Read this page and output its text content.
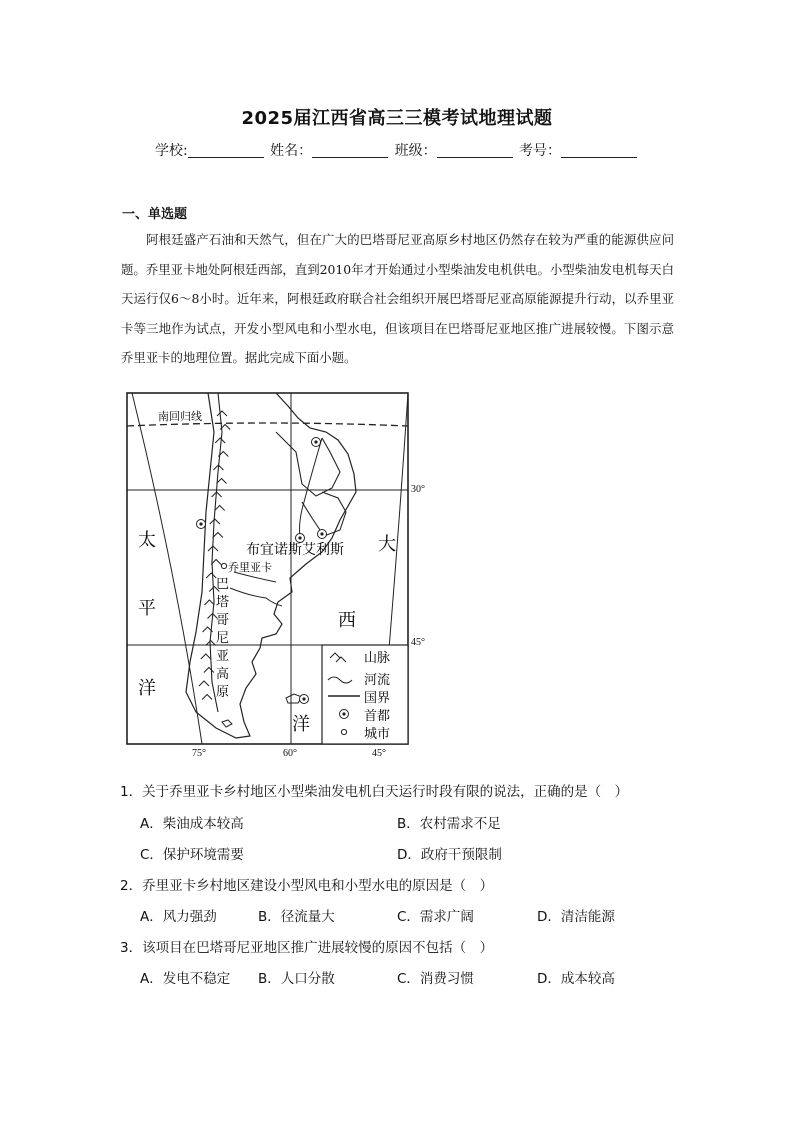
2025届江西省高三三模考试地理试题
学校:	姓名：	班级：	考号：
一、单选题
阿根廷盛产石油和天然气，但在广大的巴塔哥尼亚高原乡村地区仍然存在较为严重的能源供应问题。乔里亚卡地处阿根廷西部，直到2010年才开始通过小型柴油发电机供电。小型柴油发电机每天白天运行仅6～8小时。近年来，阿根廷政府联合社会组织开展巴塔哥尼亚高原能源提升行动，以乔里亚卡等三地作为试点，开发小型风电和小型水电，但该项目在巴塔哥尼亚地区推广进展较慢。下图示意乔里亚卡的地理位置。据此完成下面小题。
南回归线
布宜诺斯艾利斯
乔里亚卡
太
平
洋
大
西
洋
巴
塔
哥
尼
亚
高
原
山脉
河流
国界
首都
城市
30°
45°
75°	60°	45°
1．关于乔里亚卡乡村地区小型柴油发电机白天运行时段有限的说法，正确的是（　）
A．柴油成本较高	B．农村需求不足
C．保护环境需要	D．政府干预限制
2．乔里亚卡乡村地区建设小型风电和小型水电的原因是（　）
A．风力强劲	B．径流量大	C．需求广阔	D．清洁能源
3．该项目在巴塔哥尼亚地区推广进展较慢的原因不包括（　）
A．发电不稳定 B．人口分散	C．消费习惯	D．成本较高
